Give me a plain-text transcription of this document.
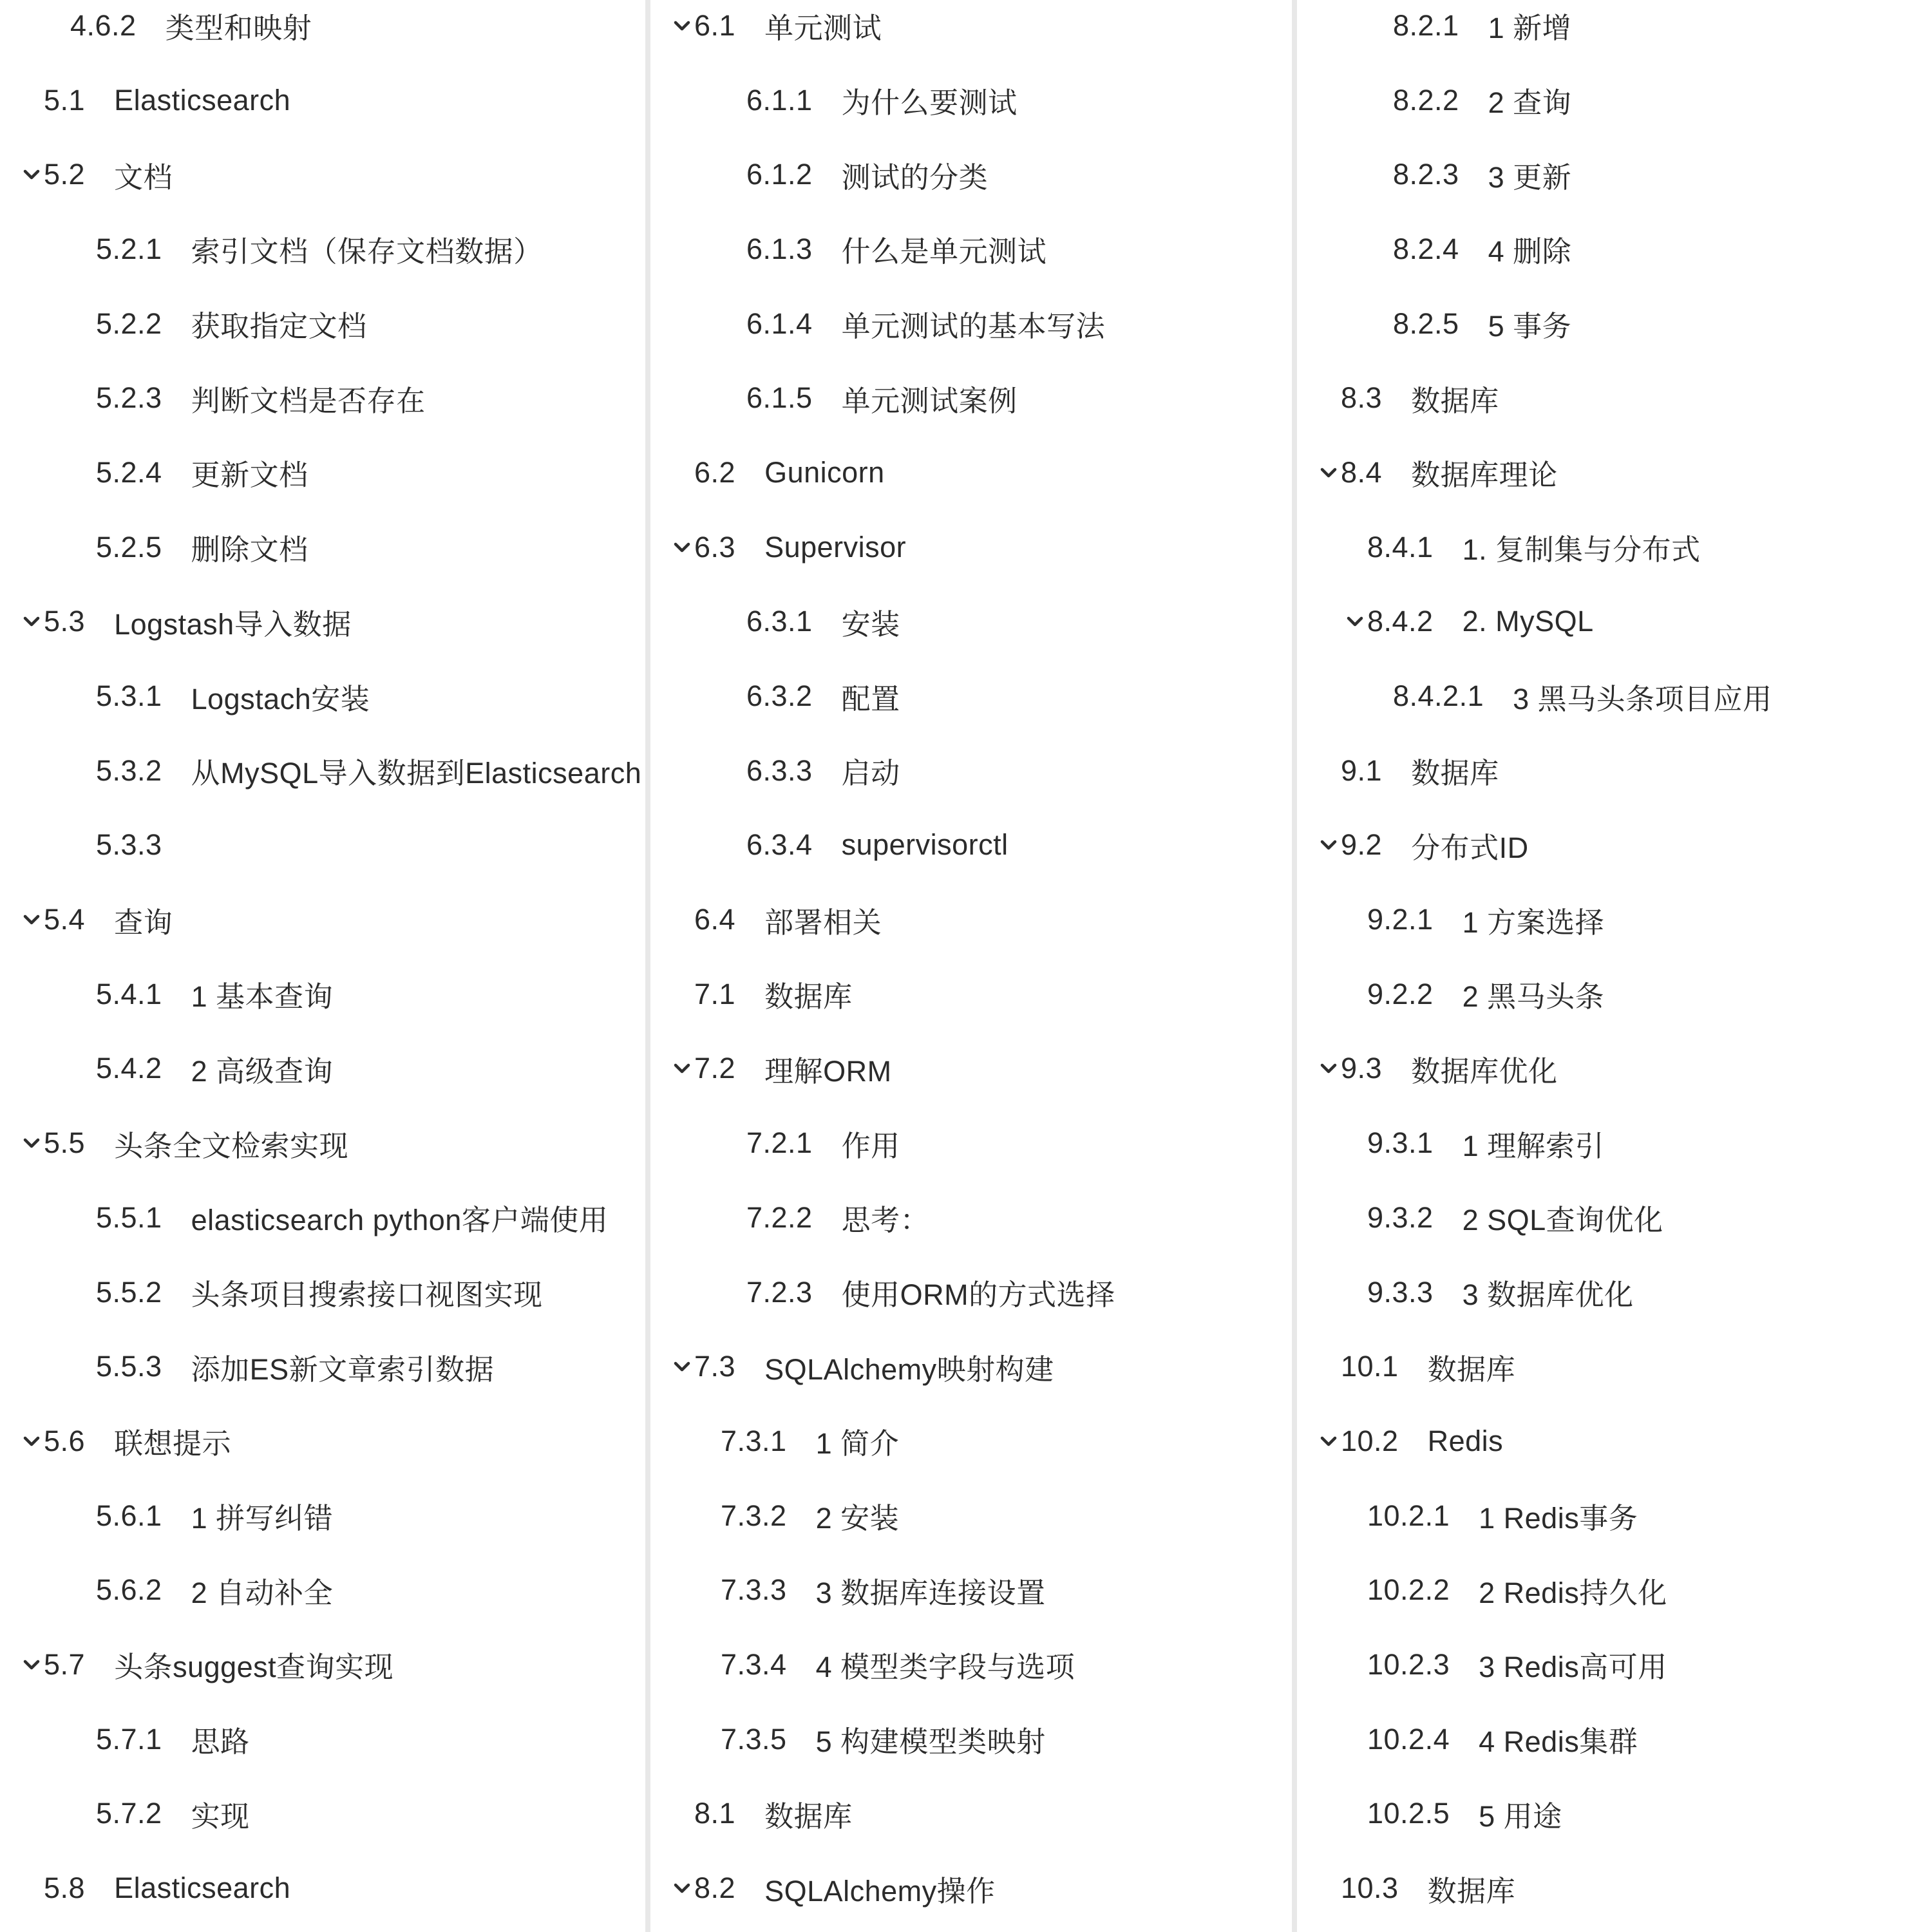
4.6.2 类型和映射
5.1 Elasticsearch
5.2 文档
5.2.1 索引文档（保存文档数据）
5.2.2 获取指定文档
5.2.3 判断文档是否存在
5.2.4 更新文档
5.2.5 删除文档
5.3 Logstash导入数据
5.3.1 Logstach安装
5.3.2 从MySQL导入数据到Elasticsearch
5.3.3
5.4 查询
5.4.1 1 基本查询
5.4.2 2 高级查询
5.5 头条全文检索实现
5.5.1 elasticsearch python客户端使用
5.5.2 头条项目搜索接口视图实现
5.5.3 添加ES新文章索引数据
5.6 联想提示
5.6.1 1 拼写纠错
5.6.2 2 自动补全
5.7 头条suggest查询实现
5.7.1 思路
5.7.2 实现
5.8 Elasticsearch
6.1 单元测试
6.1.1 为什么要测试
6.1.2 测试的分类
6.1.3 什么是单元测试
6.1.4 单元测试的基本写法
6.1.5 单元测试案例
6.2 Gunicorn
6.3 Supervisor
6.3.1 安装
6.3.2 配置
6.3.3 启动
6.3.4 supervisorctl
6.4 部署相关
7.1 数据库
7.2 理解ORM
7.2.1 作用
7.2.2 思考：
7.2.3 使用ORM的方式选择
7.3 SQLAlchemy映射构建
7.3.1 1 简介
7.3.2 2 安装
7.3.3 3 数据库连接设置
7.3.4 4 模型类字段与选项
7.3.5 5 构建模型类映射
8.1 数据库
8.2 SQLAlchemy操作
8.2.1 1 新增
8.2.2 2 查询
8.2.3 3 更新
8.2.4 4 删除
8.2.5 5 事务
8.3 数据库
8.4 数据库理论
8.4.1 1. 复制集与分布式
8.4.2 2. MySQL
8.4.2.1 3 黑马头条项目应用
9.1 数据库
9.2 分布式ID
9.2.1 1 方案选择
9.2.2 2 黑马头条
9.3 数据库优化
9.3.1 1 理解索引
9.3.2 2 SQL查询优化
9.3.3 3 数据库优化
10.1 数据库
10.2 Redis
10.2.1 1 Redis事务
10.2.2 2 Redis持久化
10.2.3 3 Redis高可用
10.2.4 4 Redis集群
10.2.5 5 用途
10.3 数据库
